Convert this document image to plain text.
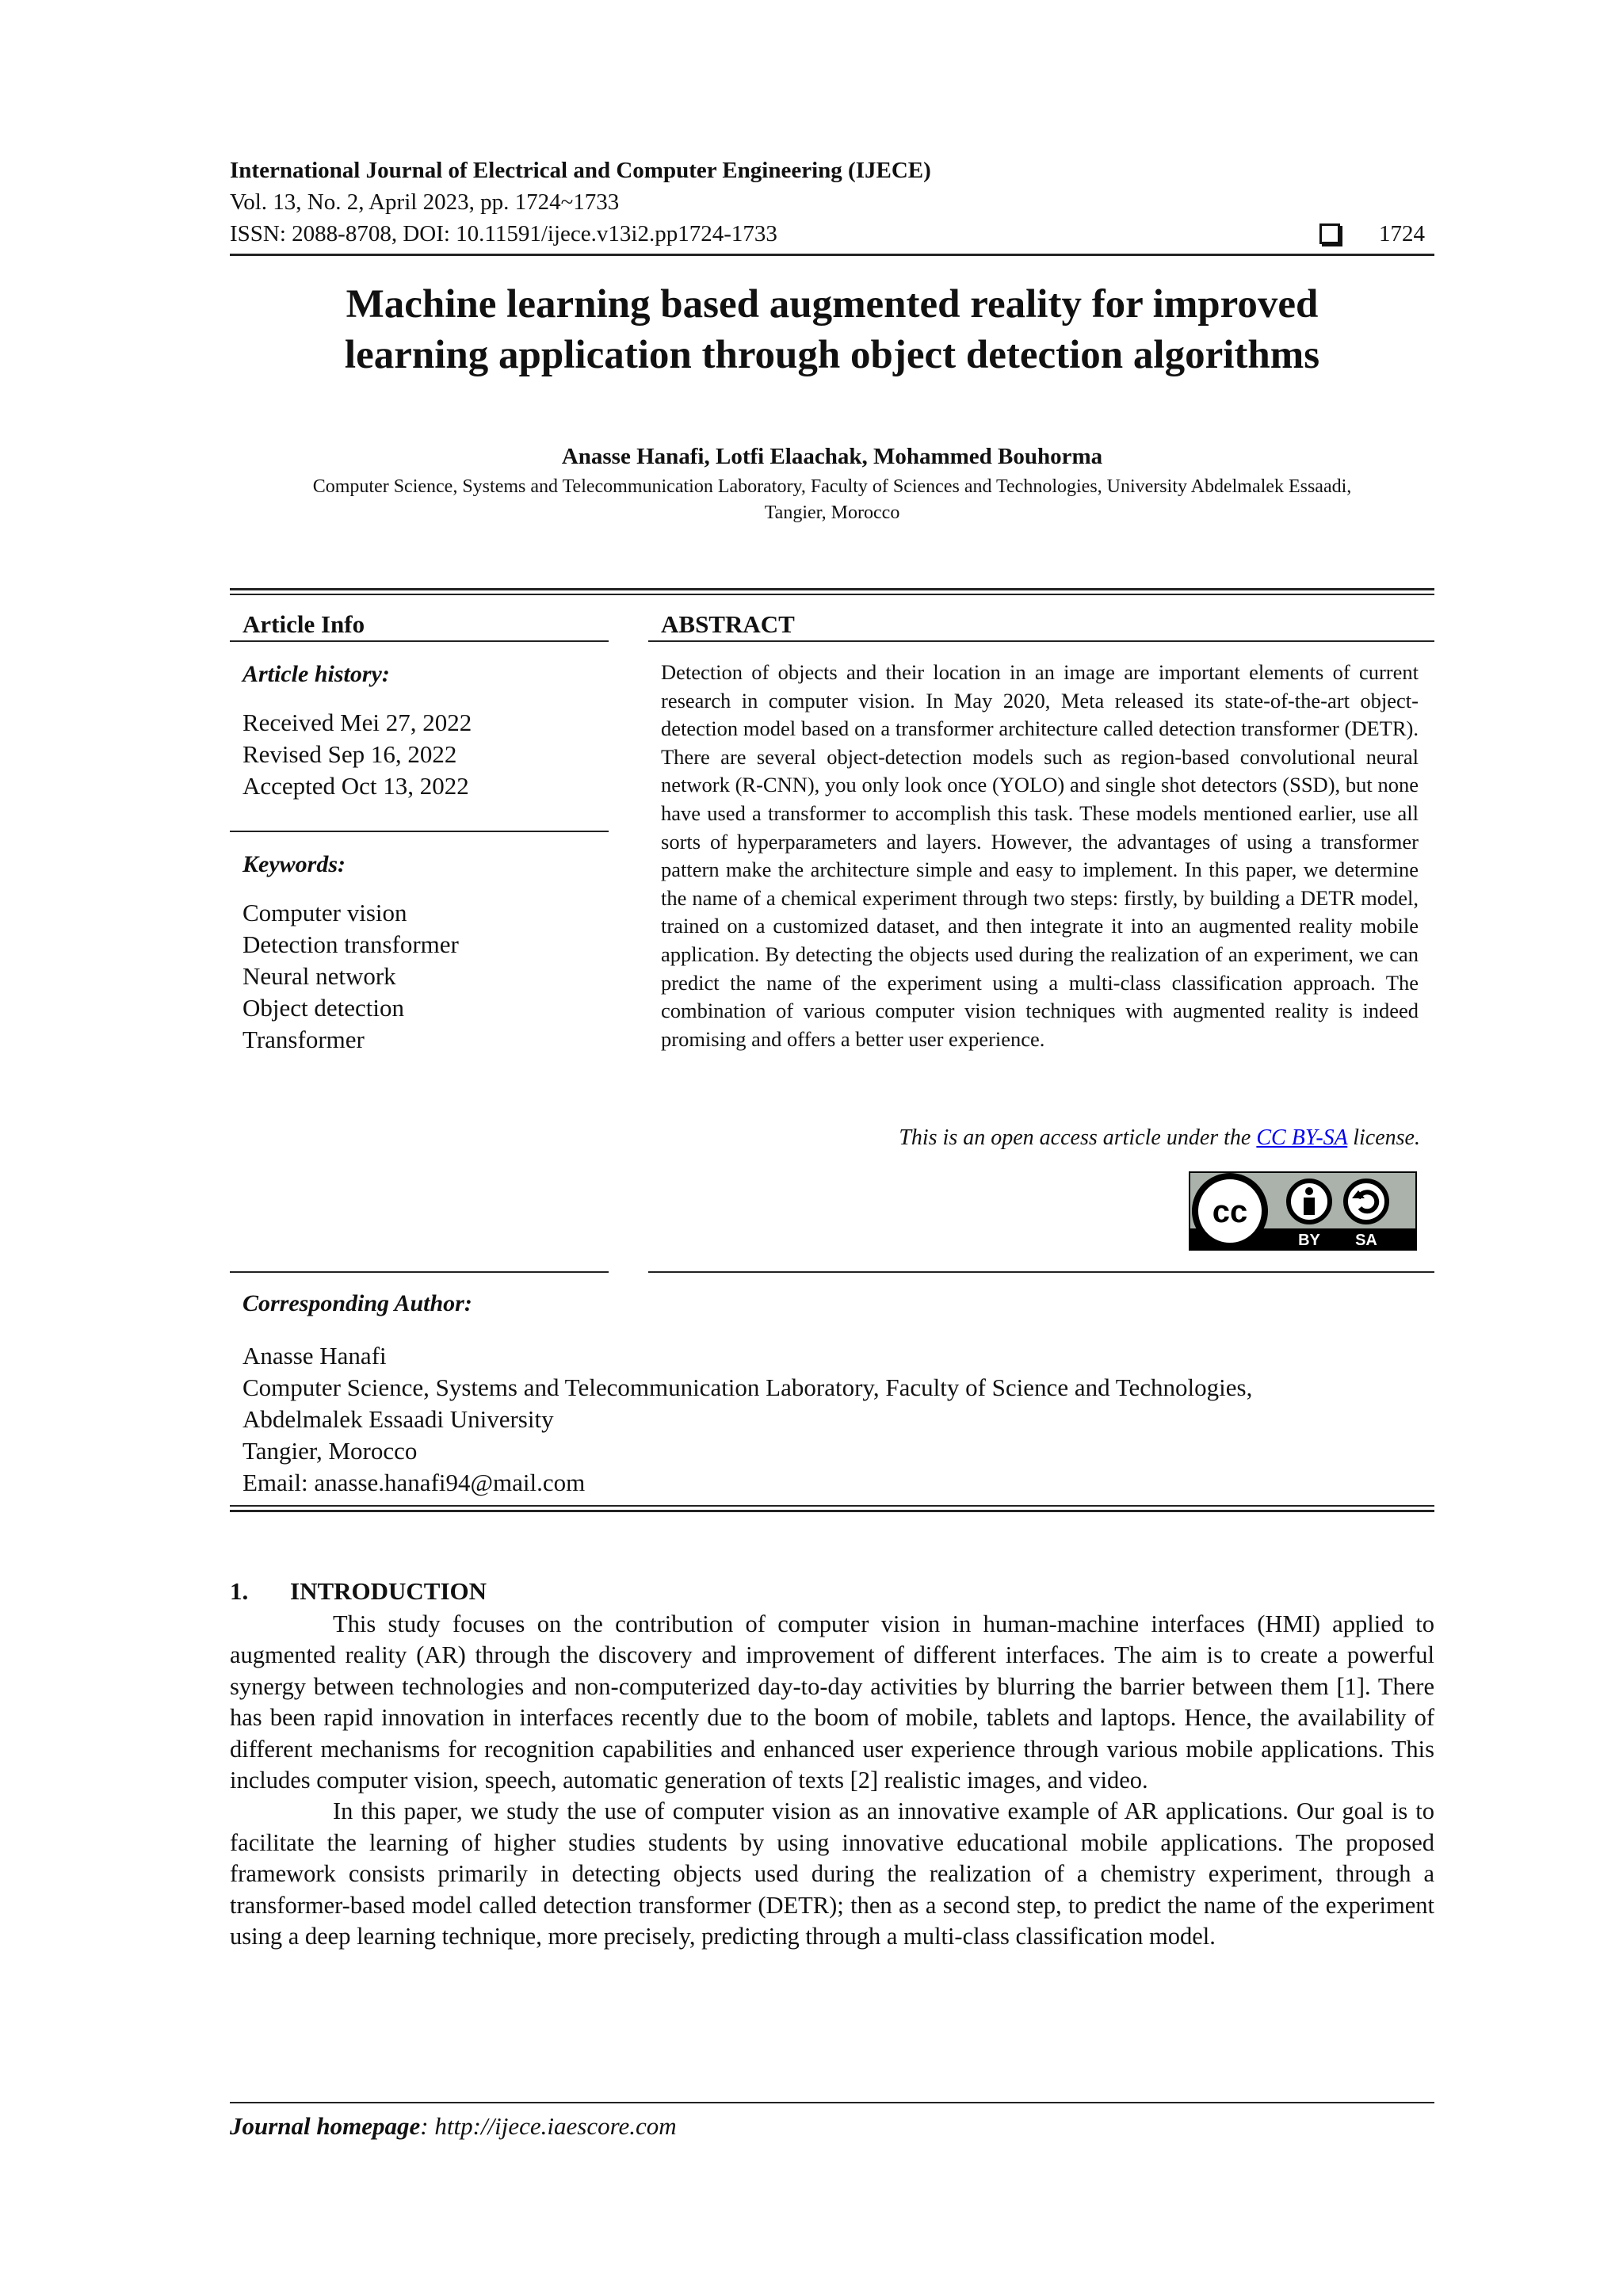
International Journal of Electrical and Computer Engineering (IJECE)
Vol. 13, No. 2, April 2023, pp. 1724~1733
ISSN: 2088-8708, DOI: 10.11591/ijece.v13i2.pp1724-1733	1724
Machine learning based augmented reality for improved
learning application through object detection algorithms
Anasse Hanafi, Lotfi Elaachak, Mohammed Bouhorma
Computer Science, Systems and Telecommunication Laboratory, Faculty of Sciences and Technologies, University Abdelmalek Essaadi,
Tangier, Morocco
Article Info
Article history:
Received Mei 27, 2022
Revised Sep 16, 2022
Accepted Oct 13, 2022
Keywords:
Computer vision
Detection transformer
Neural network
Object detection
Transformer
ABSTRACT
Detection of objects and their location in an image are important elements of current research in computer vision. In May 2020, Meta released its state-of-the-art object-detection model based on a transformer architecture called detection transformer (DETR). There are several object-detection models such as region-based convolutional neural network (R-CNN), you only look once (YOLO) and single shot detectors (SSD), but none have used a transformer to accomplish this task. These models mentioned earlier, use all sorts of hyperparameters and layers. However, the advantages of using a transformer pattern make the architecture simple and easy to implement. In this paper, we determine the name of a chemical experiment through two steps: firstly, by building a DETR model, trained on a customized dataset, and then integrate it into an augmented reality mobile application. By detecting the objects used during the realization of an experiment, we can predict the name of the experiment using a multi-class classification approach. The combination of various computer vision techniques with augmented reality is indeed promising and offers a better user experience.
This is an open access article under the CC BY-SA license.
cc
BY SA
Corresponding Author:
Anasse Hanafi
Computer Science, Systems and Telecommunication Laboratory, Faculty of Science and Technologies,
Abdelmalek Essaadi University
Tangier, Morocco
Email: anasse.hanafi94@mail.com
1. INTRODUCTION

This study focuses on the contribution of computer vision in human-machine interfaces (HMI) applied to augmented reality (AR) through the discovery and improvement of different interfaces. The aim is to create a powerful synergy between technologies and non-computerized day-to-day activities by blurring the barrier between them [1]. There has been rapid innovation in interfaces recently due to the boom of mobile, tablets and laptops. Hence, the availability of different mechanisms for recognition capabilities and enhanced user experience through various mobile applications. This includes computer vision, speech, automatic generation of texts [2] realistic images, and video.

In this paper, we study the use of computer vision as an innovative example of AR applications. Our goal is to facilitate the learning of higher studies students by using innovative educational mobile applications. The proposed framework consists primarily in detecting objects used during the realization of a chemistry experiment, through a transformer-based model called detection transformer (DETR); then as a second step, to predict the name of the experiment using a deep learning technique, more precisely, predicting through a multi-class classification model.

Journal homepage: http://ijece.iaescore.com
